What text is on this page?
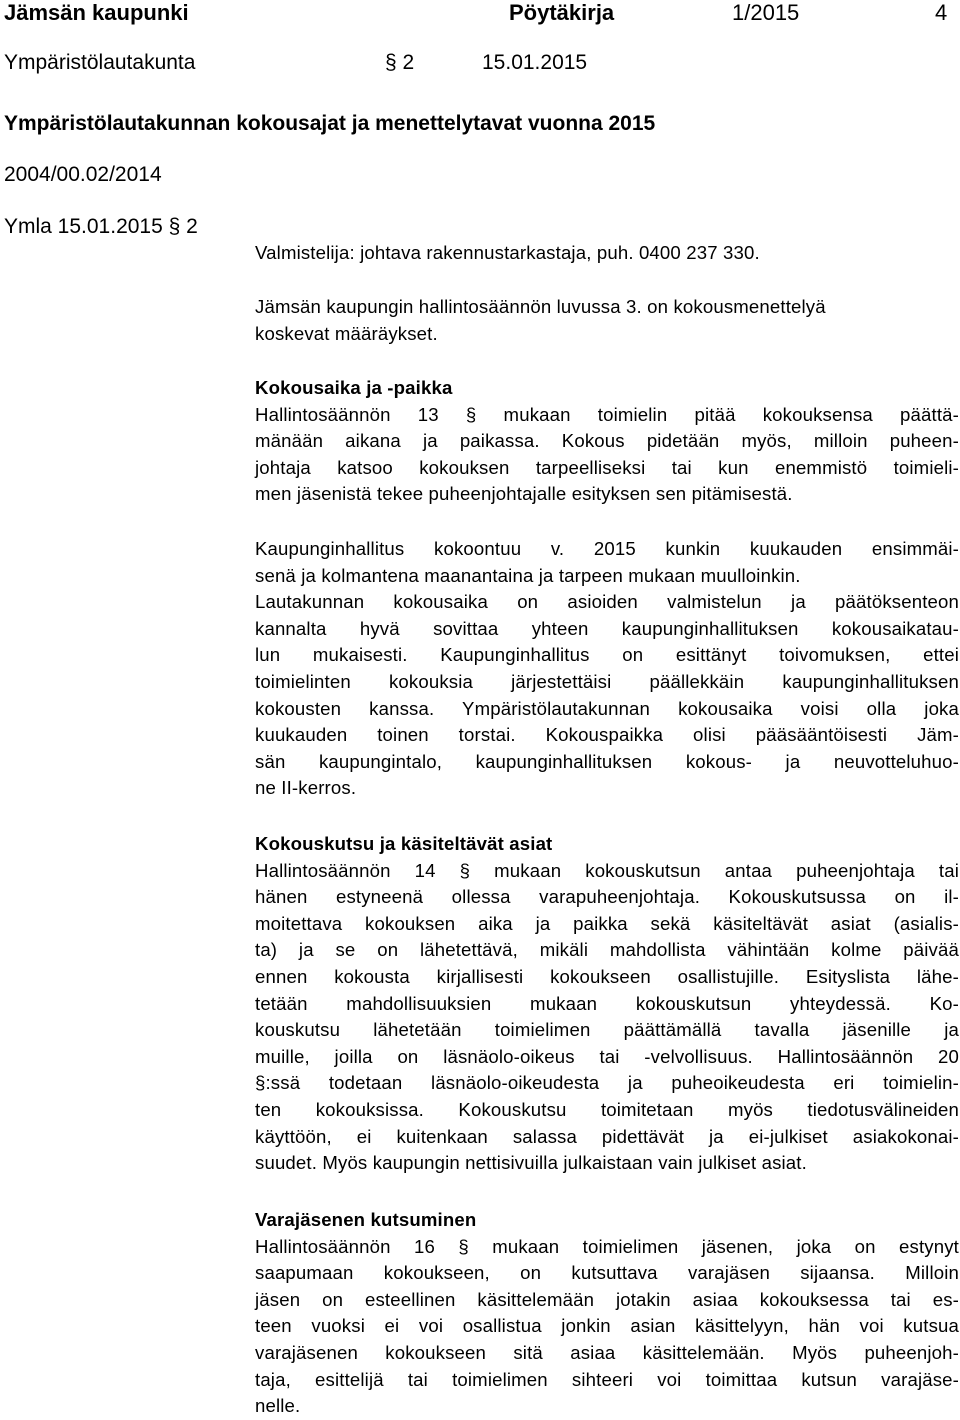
Jämsän kaupunki	Pöytäkirja	1/2015	4
Ympäristölautakunta	§ 2	15.01.2015
Ympäristölautakunnan kokousajat ja menettelytavat vuonna 2015
2004/00.02/2014
Ymla 15.01.2015 § 2
Valmistelija: johtava rakennustarkastaja, puh. 0400 237 330.
Jämsän kaupungin hallintosäännön luvussa 3. on kokousmenettelyä
koskevat määräykset.
Kokousaika ja -paikka
Hallintosäännön 13 § mukaan toimielin pitää kokouksensa päättä-
mänään aikana ja paikassa. Kokous pidetään myös, milloin puheen-
johtaja katsoo kokouksen tarpeelliseksi tai kun enemmistö toimieli-
men jäsenistä tekee puheenjohtajalle esityksen sen pitämisestä.
Kaupunginhallitus kokoontuu v. 2015 kunkin kuukauden ensimmäi-
senä ja kolmantena maanantaina ja tarpeen mukaan muulloinkin.
Lautakunnan kokousaika on asioiden valmistelun ja päätöksenteon
kannalta hyvä sovittaa yhteen kaupunginhallituksen kokousaikatau-
lun mukaisesti. Kaupunginhallitus on esittänyt toivomuksen, ettei
toimielinten kokouksia järjestettäisi päällekkäin kaupunginhallituksen
kokousten kanssa. Ympäristölautakunnan kokousaika voisi olla joka
kuukauden toinen torstai. Kokouspaikka olisi pääsääntöisesti Jäm-
sän kaupungintalo, kaupunginhallituksen kokous- ja neuvotteluhuo-
ne II-kerros.
Kokouskutsu ja käsiteltävät asiat
Hallintosäännön 14 § mukaan kokouskutsun antaa puheenjohtaja tai
hänen estyneenä ollessa varapuheenjohtaja. Kokouskutsussa on il-
moitettava kokouksen aika ja paikka sekä käsiteltävät asiat (asialis-
ta) ja se on lähetettävä, mikäli mahdollista vähintään kolme päivää
ennen kokousta kirjallisesti kokoukseen osallistujille. Esityslista lähe-
tetään mahdollisuuksien mukaan kokouskutsun yhteydessä. Ko-
kouskutsu lähetetään toimielimen päättämällä tavalla jäsenille ja
muille, joilla on läsnäolo-oikeus tai -velvollisuus. Hallintosäännön 20
§:ssä todetaan läsnäolo-oikeudesta ja puheoikeudesta eri toimielin-
ten kokouksissa. Kokouskutsu toimitetaan myös tiedotusvälineiden
käyttöön, ei kuitenkaan salassa pidettävät ja ei-julkiset asiakokonai-
suudet. Myös kaupungin nettisivuilla julkaistaan vain julkiset asiat.
Varajäsenen kutsuminen
Hallintosäännön 16 § mukaan toimielimen jäsenen, joka on estynyt
saapumaan kokoukseen, on kutsuttava varajäsen sijaansa. Milloin
jäsen on esteellinen käsittelemään jotakin asiaa kokouksessa tai es-
teen vuoksi ei voi osallistua jonkin asian käsittelyyn, hän voi kutsua
varajäsenen kokoukseen sitä asiaa käsittelemään. Myös puheenjoh-
taja, esittelijä tai toimielimen sihteeri voi toimittaa kutsun varajäse-
nelle.
